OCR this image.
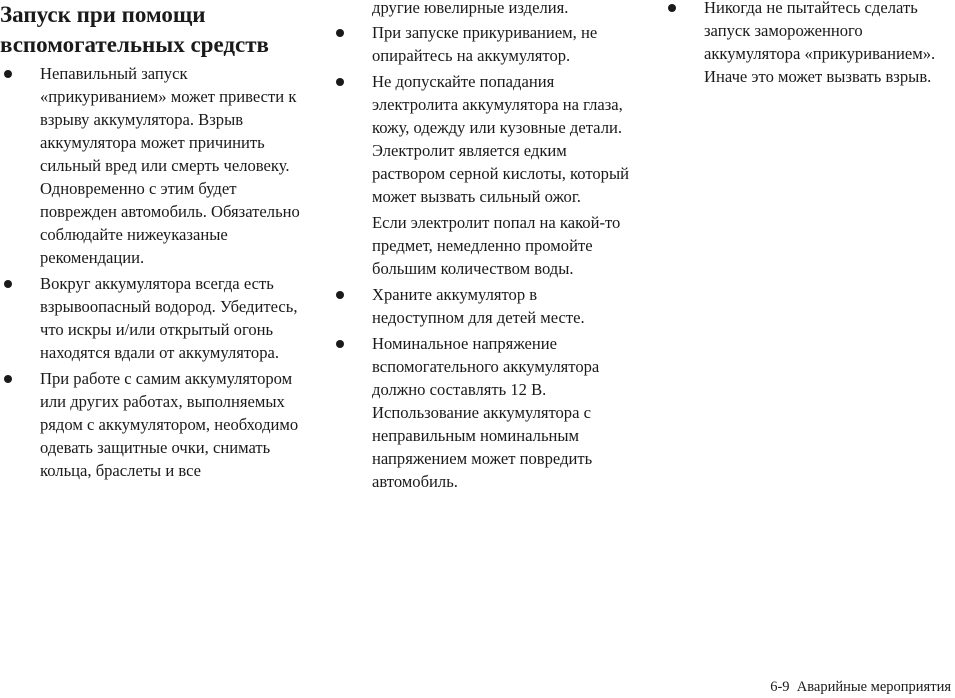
Запуск при помощи вспомогательных средств
Непавильный запуск «прикуриванием» может привести к взрыву аккумулятора. Взрыв аккумулятора может причинить сильный вред или смерть человеку. Одновременно с этим будет поврежден автомобиль. Обязательно соблюдайте нижеуказаные рекомендации.
Вокруг аккумулятора всегда есть взрывоопасный водород. Убедитесь, что искры и/или открытый огонь находятся вдали от аккумулятора.
При работе с самим аккумулятором или других работах, выполняемых рядом с аккумулятором, необходимо одевать защитные очки, снимать кольца, браслеты и все
другие ювелирные изделия.
При запуске прикуриванием, не опирайтесь на аккумулятор.
Не допускайте попадания электролита аккумулятора на глаза, кожу, одежду или кузовные детали. Электролит является едким раствором серной кислоты, который может вызвать сильный ожог.
Если электролит попал на какой-то предмет, немедленно промойте большим количеством воды.
Храните аккумулятор в недоступном для детей месте.
Номинальное напряжение вспомогательного аккумулятора должно составлять 12 В. Использование аккумулятора с неправильным номинальным напряжением может повредить автомобиль.
Никогда не пытайтесь сделать запуск замороженного аккумулятора «прикуриванием». Иначе это может вызвать взрыв.
6-9 Аварийные мероприятия
